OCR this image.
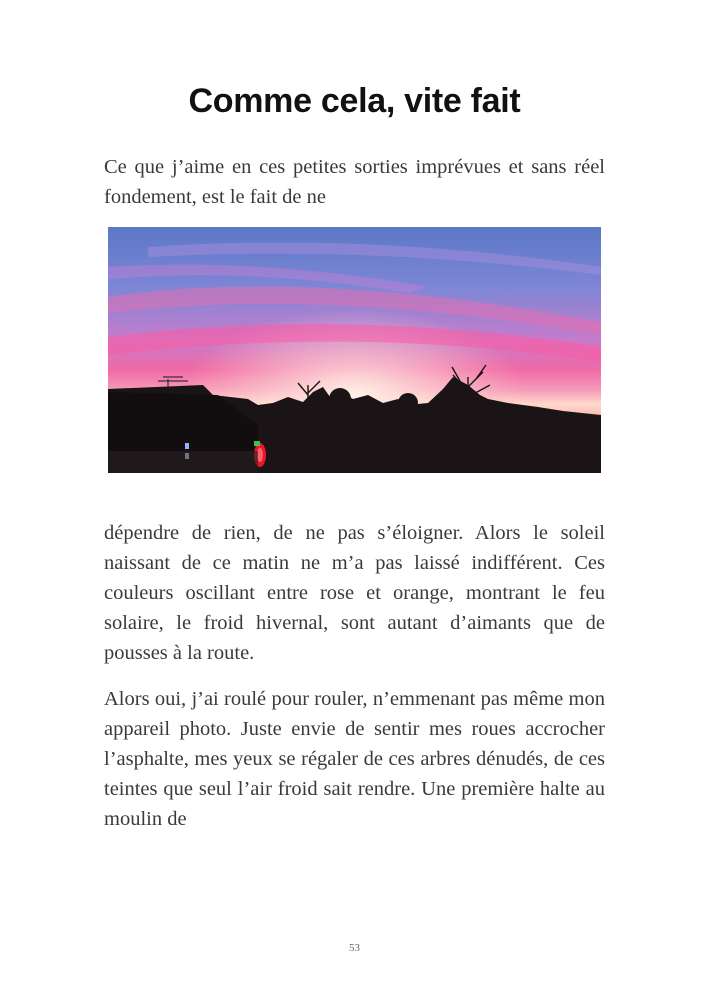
Comme cela, vite fait

Ce que j’aime en ces petites sorties imprévues et sans réel fondement, est le fait de ne

dépendre de rien, de ne pas s’éloigner. Alors le soleil naissant de ce matin ne m’a pas laissé indifférent. Ces couleurs oscillant entre rose et orange, montrant le feu solaire, le froid hivernal, sont autant d’aimants que de pousses à la route.

Alors oui, j’ai roulé pour rouler, n’emmenant pas même mon appareil photo. Juste envie de sentir mes roues accrocher l’asphalte, mes yeux se régaler de ces arbres dénudés, de ces teintes que seul l’air froid sait rendre. Une première halte au moulin de

53
